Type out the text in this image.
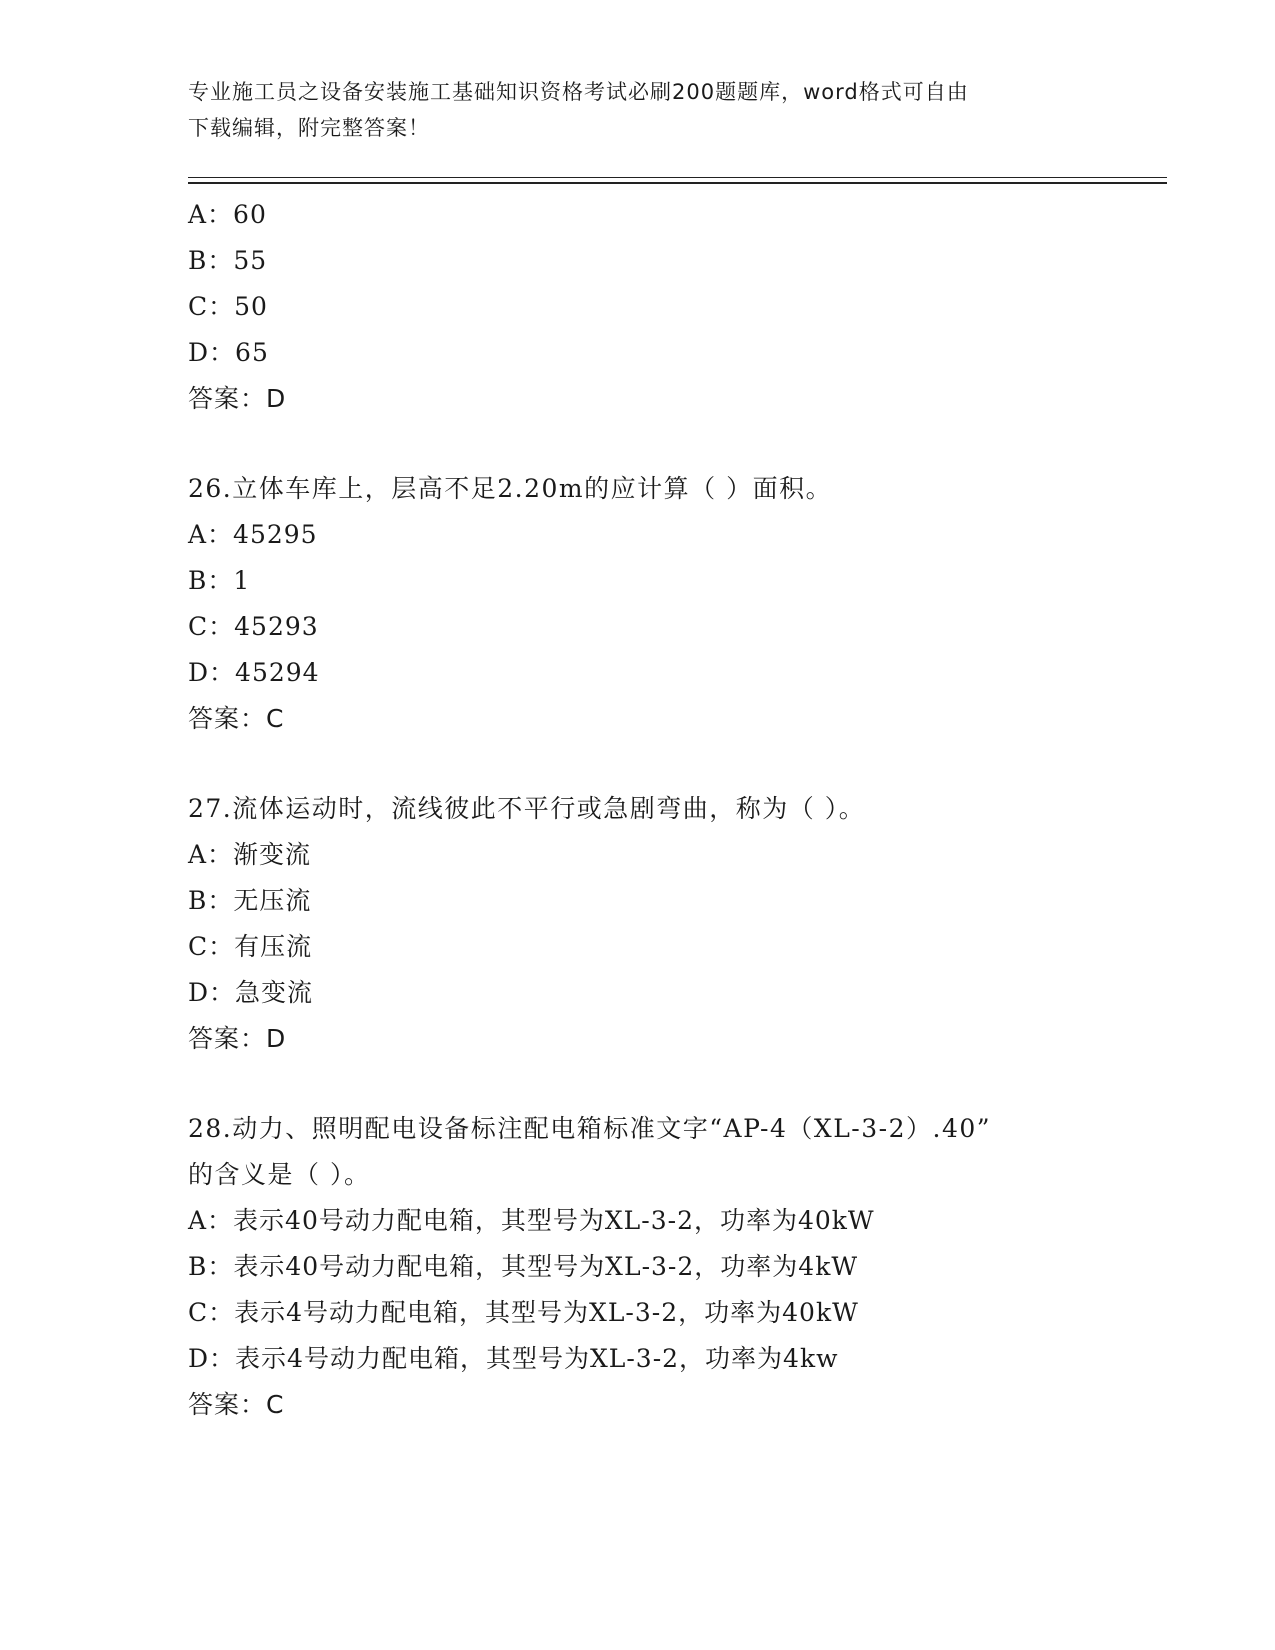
专业施工员之设备安装施工基础知识资格考试必刷200题题库，word格式可自由
下载编辑，附完整答案！
A：60
B：55
C：50
D：65
答案：D
26.立体车库上，层高不足2.20m的应计算（ ）面积。
A：45295
B：1
C：45293
D：45294
答案：C
27.流体运动时，流线彼此不平行或急剧弯曲，称为（ ）。
A：渐变流
B：无压流
C：有压流
D：急变流
答案：D
28.动力、照明配电设备标注配电箱标准文字“AP-4（XL-3-2）.40”
的含义是（ ）。
A：表示40号动力配电箱，其型号为XL-3-2，功率为40kW
B：表示40号动力配电箱，其型号为XL-3-2，功率为4kW
C：表示4号动力配电箱，其型号为XL-3-2，功率为40kW
D：表示4号动力配电箱，其型号为XL-3-2，功率为4kw
答案：C
